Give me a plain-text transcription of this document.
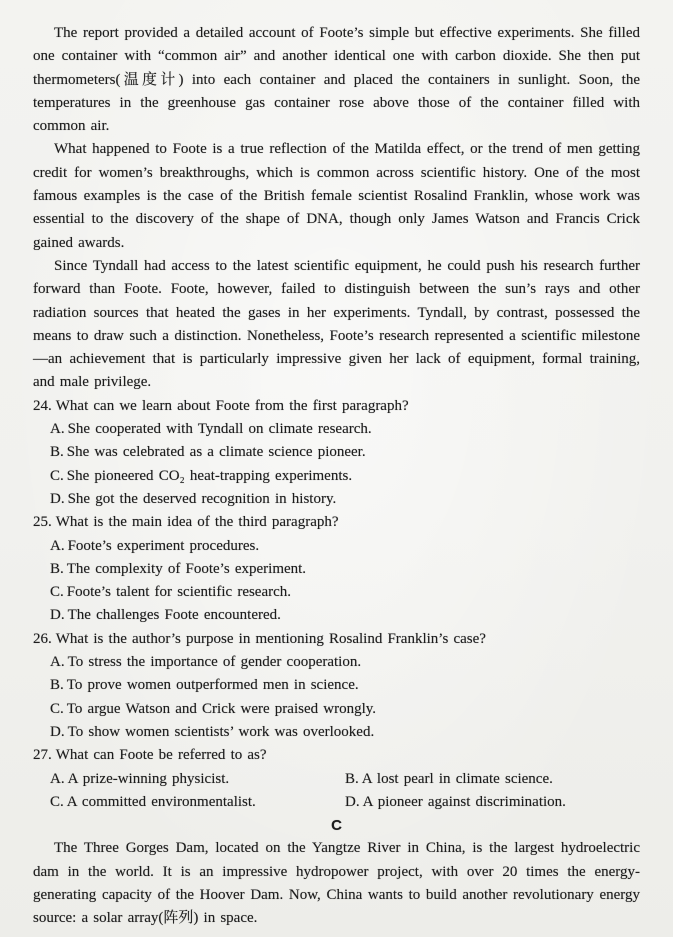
The report provided a detailed account of Foote’s simple but effective experiments. She filled one container with “common air” and another identical one with carbon dioxide. She then put thermometers(温度计) into each container and placed the containers in sunlight. Soon, the temperatures in the greenhouse gas container rose above those of the container filled with common air.

What happened to Foote is a true reflection of the Matilda effect, or the trend of men getting credit for women’s breakthroughs, which is common across scientific history. One of the most famous examples is the case of the British female scientist Rosalind Franklin, whose work was essential to the discovery of the shape of DNA, though only James Watson and Francis Crick gained awards.

Since Tyndall had access to the latest scientific equipment, he could push his research further forward than Foote. Foote, however, failed to distinguish between the sun’s rays and other radiation sources that heated the gases in her experiments. Tyndall, by contrast, possessed the means to draw such a distinction. Nonetheless, Foote’s research represented a scientific milestone—an achievement that is particularly impressive given her lack of equipment, formal training, and male privilege.

24. What can we learn about Foote from the first paragraph?
A. She cooperated with Tyndall on climate research.
B. She was celebrated as a climate science pioneer.
C. She pioneered CO₂ heat-trapping experiments.
D. She got the deserved recognition in history.
25. What is the main idea of the third paragraph?
A. Foote’s experiment procedures.
B. The complexity of Foote’s experiment.
C. Foote’s talent for scientific research.
D. The challenges Foote encountered.
26. What is the author’s purpose in mentioning Rosalind Franklin’s case?
A. To stress the importance of gender cooperation.
B. To prove women outperformed men in science.
C. To argue Watson and Crick were praised wrongly.
D. To show women scientists’ work was overlooked.
27. What can Foote be referred to as?
A. A prize-winning physicist.	B. A lost pearl in climate science.
C. A committed environmentalist.	D. A pioneer against discrimination.
C

The Three Gorges Dam, located on the Yangtze River in China, is the largest hydroelectric dam in the world. It is an impressive hydropower project, with over 20 times the energy-generating capacity of the Hoover Dam. Now, China wants to build another revolutionary energy source: a solar array(阵列) in space.
